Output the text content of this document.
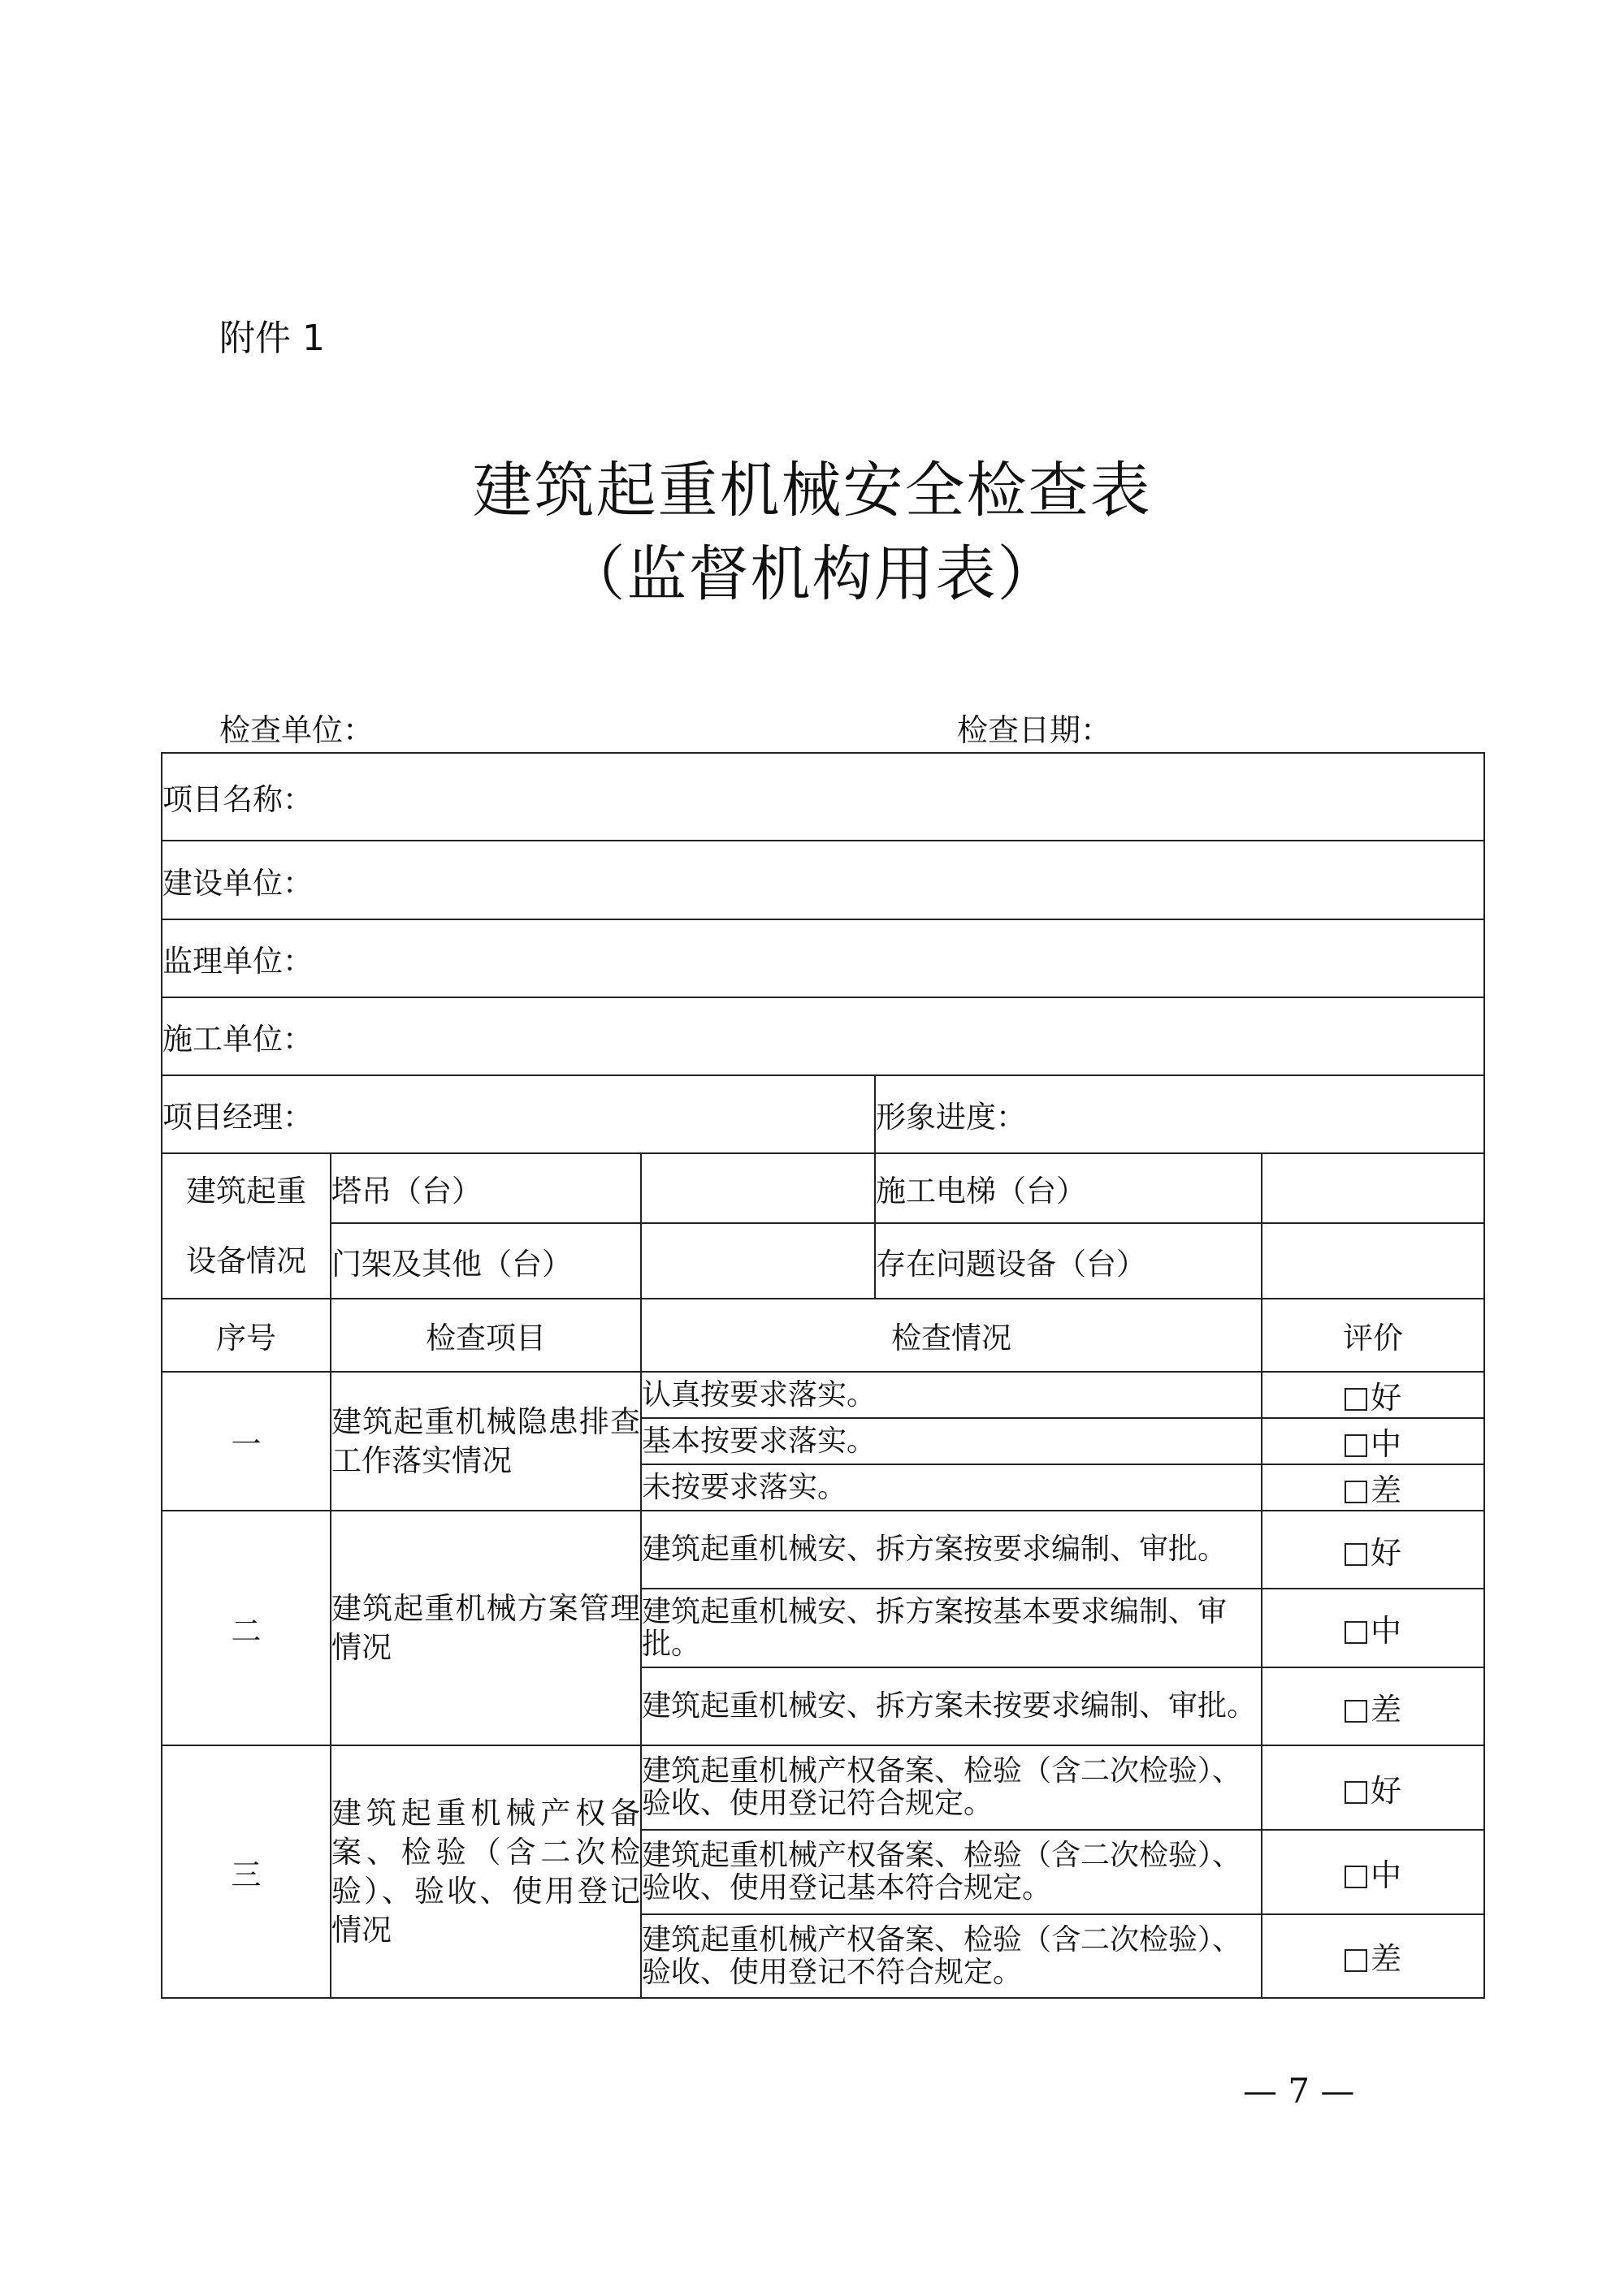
附件 1
建筑起重机械安全检查表
（监督机构用表）
检查单位：	检查日期：
项目名称：				
建设单位：				
监理单位：				
施工单位：				
项目经理：			形象进度：	

建筑起重
设备情况	塔吊（台）		施工电梯（台）	
	门架及其他（台）		存在问题设备（台）	
序号	检查项目	检查情况		评价
一	建筑起重机械隐患排查工作落实情况	认真按要求落实。		好
		基本按要求落实。		中
		未按要求落实。		差
二	建筑起重机械方案管理情况	建筑起重机械安、拆方案按要求编制、审批。		好
		建筑起重机械安、拆方案按基本要求编制、审批。		中
		建筑起重机械安、拆方案未按要求编制、审批。		差
三	建筑起重机械产权备案、检验（含二次检验）、验收、使用登记情况	建筑起重机械产权备案、检验（含二次检验）、验收、使用登记符合规定。		好
		建筑起重机械产权备案、检验（含二次检验）、验收、使用登记基本符合规定。		中
		建筑起重机械产权备案、检验（含二次检验）、验收、使用登记不符合规定。		差
— 7 —
